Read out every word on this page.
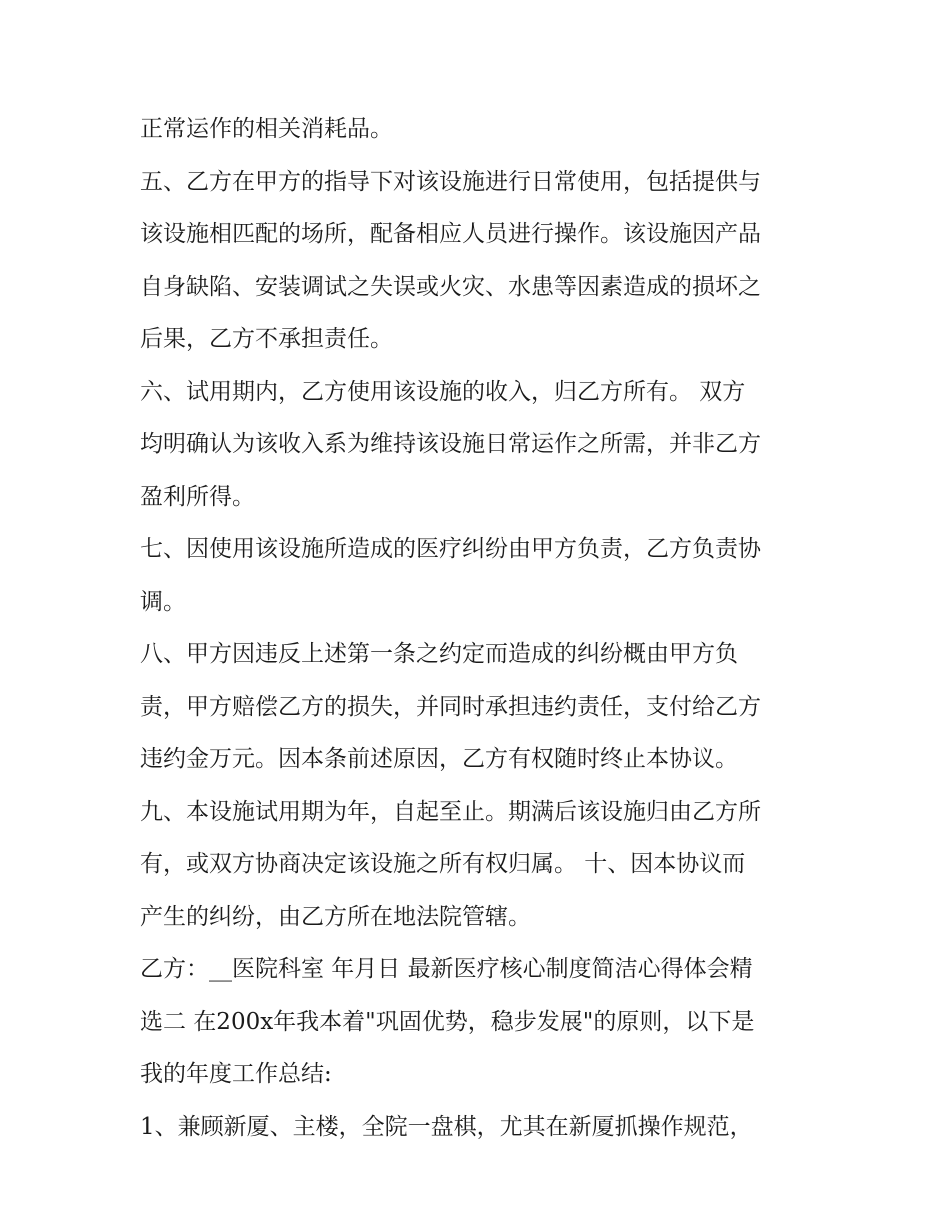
正常运作的相关消耗品。
五、乙方在甲方的指导下对该设施进行日常使用，包括提供与
该设施相匹配的场所，配备相应人员进行操作。该设施因产品
自身缺陷、安装调试之失误或火灾、水患等因素造成的损坏之
后果，乙方不承担责任。
六、试用期内，乙方使用该设施的收入，归乙方所有。 双方
均明确认为该收入系为维持该设施日常运作之所需，并非乙方
盈利所得。
七、因使用该设施所造成的医疗纠纷由甲方负责，乙方负责协
调。
八、甲方因违反上述第一条之约定而造成的纠纷概由甲方负
责，甲方赔偿乙方的损失，并同时承担违约责任，支付给乙方
违约金万元。因本条前述原因，乙方有权随时终止本协议。
九、本设施试用期为年，自起至止。期满后该设施归由乙方所
有，或双方协商决定该设施之所有权归属。 十、因本协议而
产生的纠纷，由乙方所在地法院管辖。
乙方：__医院科室 年月日 最新医疗核心制度简洁心得体会精
选二 在200x年我本着"巩固优势，稳步发展"的原则，以下是
我的年度工作总结:
1、兼顾新厦、主楼，全院一盘棋，尤其在新厦抓操作规范，
